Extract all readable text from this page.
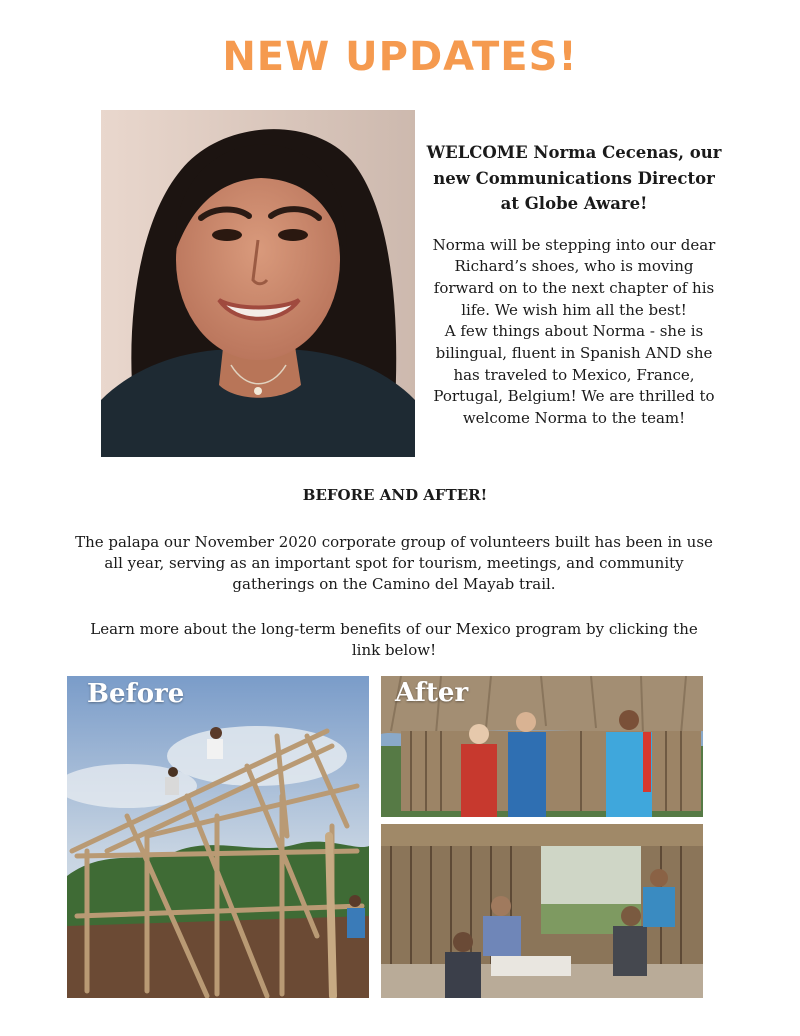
NEW UPDATES!
WELCOME Norma Cecenas, our new Communications Director at Globe Aware!

Norma will be stepping into our dear Richard’s shoes, who is moving forward on to the next chapter of his life. We wish him all the best!

A few things about Norma - she is bilingual, fluent in Spanish AND she has traveled to Mexico, France, Portugal, Belgium! We are thrilled to welcome Norma to the team!

BEFORE AND AFTER!

The palapa our November 2020 corporate group of volunteers built has been in use all year, serving as an important spot for tourism, meetings, and community gatherings on the Camino del Mayab trail.

Learn more about the long-term benefits of our Mexico program by clicking the link below!

Before	After
